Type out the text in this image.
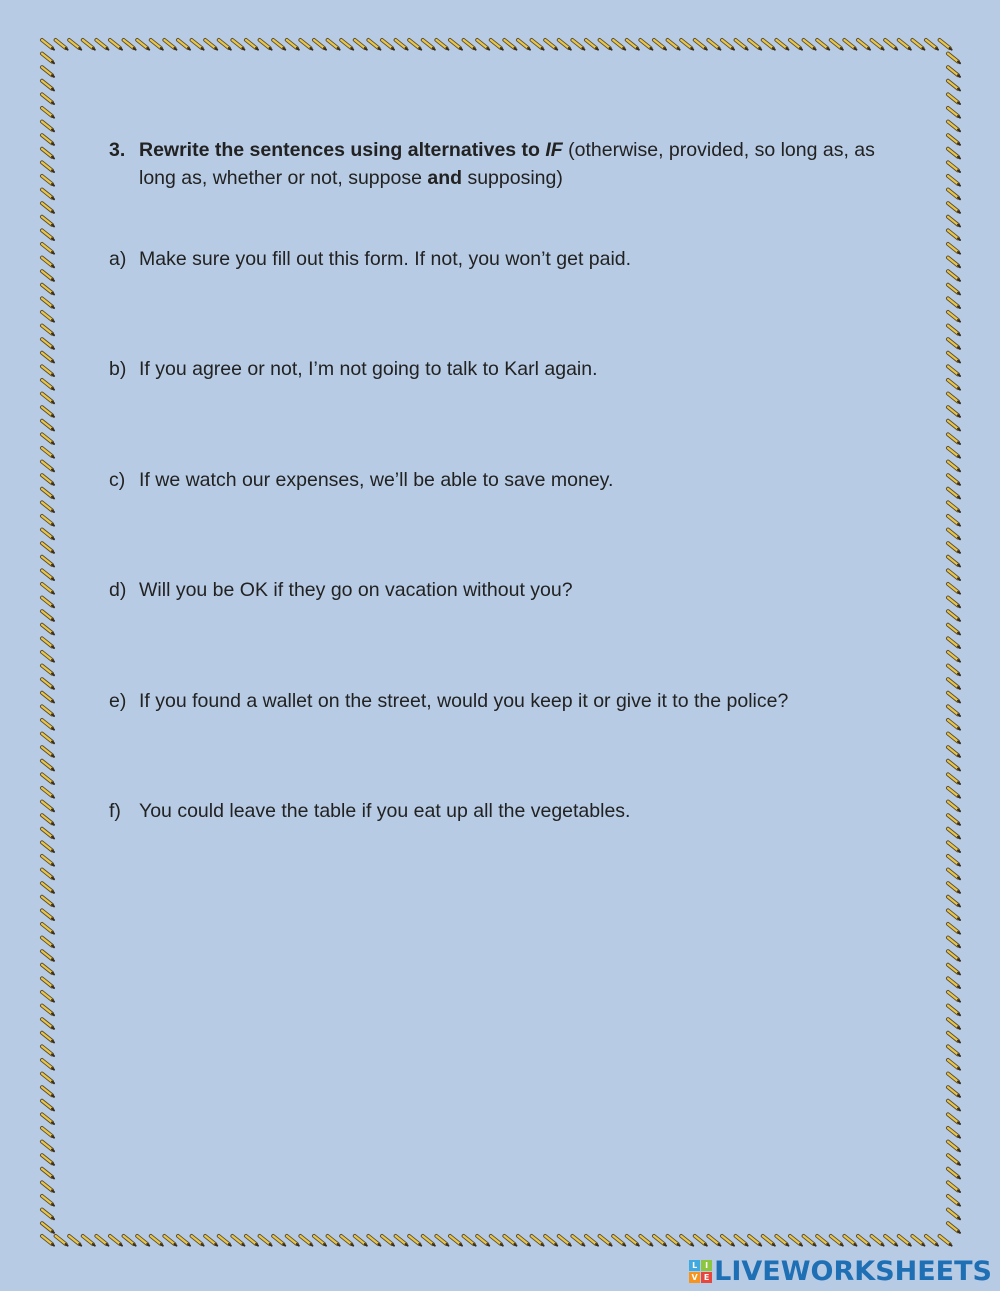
3. Rewrite the sentences using alternatives to IF (otherwise, provided, so long as, as long as, whether or not, suppose and supposing)
a) Make sure you fill out this form. If not, you won’t get paid.
b) If you agree or not, I’m not going to talk to Karl again.
c) If we watch our expenses, we’ll be able to save money.
d) Will you be OK if they go on vacation without you?
e) If you found a wallet on the street, would you keep it or give it to the police?
f) You could leave the table if you eat up all the vegetables.
L I
V E LIVEWORKSHEETS
